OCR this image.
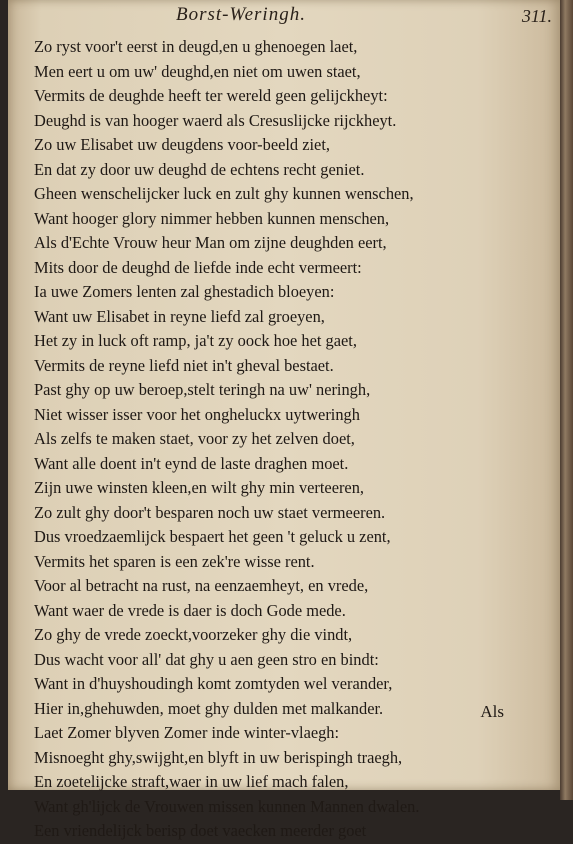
Borst-Weringh.	311.
Zo ryst voor't eerst in deugd,en u ghenoegen laet,
Men eert u om uw' deughd,en niet om uwen staet,
Vermits de deughde heeft ter wereld geen gelijckheyt:
Deughd is van hooger waerd als Cresuslijcke rijckheyt.
Zo uw Elisabet uw deugdens voor-beeld ziet,
En dat zy door uw deughd de echtens recht geniet.
Gheen wenschelijcker luck en zult ghy kunnen wenschen,
Want hooger glory nimmer hebben kunnen menschen,
Als d'Echte Vrouw heur Man om zijne deughden eert,
Mits door de deughd de liefde inde echt vermeert:
Ia uwe Zomers lenten zal ghestadich bloeyen:
Want uw Elisabet in reyne liefd zal groeyen,
Het zy in luck oft ramp, ja't zy oock hoe het gaet,
Vermits de reyne liefd niet in't gheval bestaet.
Past ghy op uw beroep,stelt teringh na uw' neringh,
Niet wisser isser voor het ongheluckx uytweringh
Als zelfs te maken staet, voor zy het zelven doet,
Want alle doent in't eynd de laste draghen moet.
Zijn uwe winsten kleen,en wilt ghy min verteeren,
Zo zult ghy door't besparen noch uw staet vermeeren.
Dus vroedzaemlijck bespaert het geen 't geluck u zent,
Vermits het sparen is een zek're wisse rent.
Voor al betracht na rust, na eenzaemheyt, en vrede,
Want waer de vrede is daer is doch Gode mede.
Zo ghy de vrede zoeckt,voorzeker ghy die vindt,
Dus wacht voor all' dat ghy u aen geen stro en bindt:
Want in d'huyshoudingh komt zomtyden wel verander,
Hier in,ghehuwden, moet ghy dulden met malkander.
Laet Zomer blyven Zomer inde winter-vlaegh:
Misnoeght ghy,swijght,en blyft in uw berispingh traegh,
En zoetelijcke straft,waer in uw lief mach falen,
Want gh'lijck de Vrouwen missen kunnen Mannen dwalen.
Een vriendelijck berisp doet vaecken meerder goet
Als
